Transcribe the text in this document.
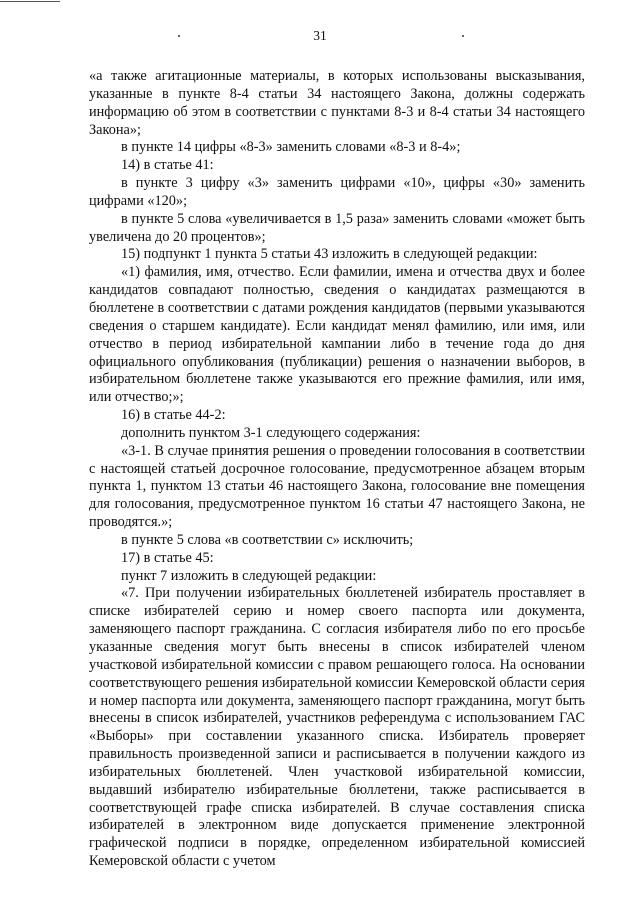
31

«а также агитационные материалы, в которых использованы высказывания, указанные в пункте 8-4 статьи 34 настоящего Закона, должны содержать информацию об этом в соответствии с пунктами 8-3 и 8-4 статьи 34 настоящего Закона»;

в пункте 14 цифры «8-3» заменить словами «8-3 и 8-4»;

14) в статье 41:

в пункте 3 цифру «3» заменить цифрами «10», цифры «30» заменить цифрами «120»;

в пункте 5 слова «увеличивается в 1,5 раза» заменить словами «может быть увеличена до 20 процентов»;

15) подпункт 1 пункта 5 статьи 43 изложить в следующей редакции:

«1) фамилия, имя, отчество. Если фамилии, имена и отчества двух и более кандидатов совпадают полностью, сведения о кандидатах размещаются в бюллетене в соответствии с датами рождения кандидатов (первыми указываются сведения о старшем кандидате). Если кандидат менял фамилию, или имя, или отчество в период избирательной кампании либо в течение года до дня официального опубликования (публикации) решения о назначении выборов, в избирательном бюллетене также указываются его прежние фамилия, или имя, или отчество;»;

16) в статье 44-2:

дополнить пунктом 3-1 следующего содержания:

«3-1. В случае принятия решения о проведении голосования в соответствии с настоящей статьей досрочное голосование, предусмотренное абзацем вторым пункта 1, пунктом 13 статьи 46 настоящего Закона, голосование вне помещения для голосования, предусмотренное пунктом 16 статьи 47 настоящего Закона, не проводятся.»;

в пункте 5 слова «в соответствии с» исключить;

17) в статье 45:

пункт 7 изложить в следующей редакции:

«7. При получении избирательных бюллетеней избиратель проставляет в списке избирателей серию и номер своего паспорта или документа, заменяющего паспорт гражданина. С согласия избирателя либо по его просьбе указанные сведения могут быть внесены в список избирателей членом участковой избирательной комиссии с правом решающего голоса. На основании соответствующего решения избирательной комиссии Кемеровской области серия и номер паспорта или документа, заменяющего паспорт гражданина, могут быть внесены в список избирателей, участников референдума с использованием ГАС «Выборы» при составлении указанного списка. Избиратель проверяет правильность произведенной записи и расписывается в получении каждого из избирательных бюллетеней. Член участковой избирательной комиссии, выдавший избирателю избирательные бюллетени, также расписывается в соответствующей графе списка избирателей. В случае составления списка избирателей в электронном виде допускается применение электронной графической подписи в порядке, определенном избирательной комиссией Кемеровской области с учетом
